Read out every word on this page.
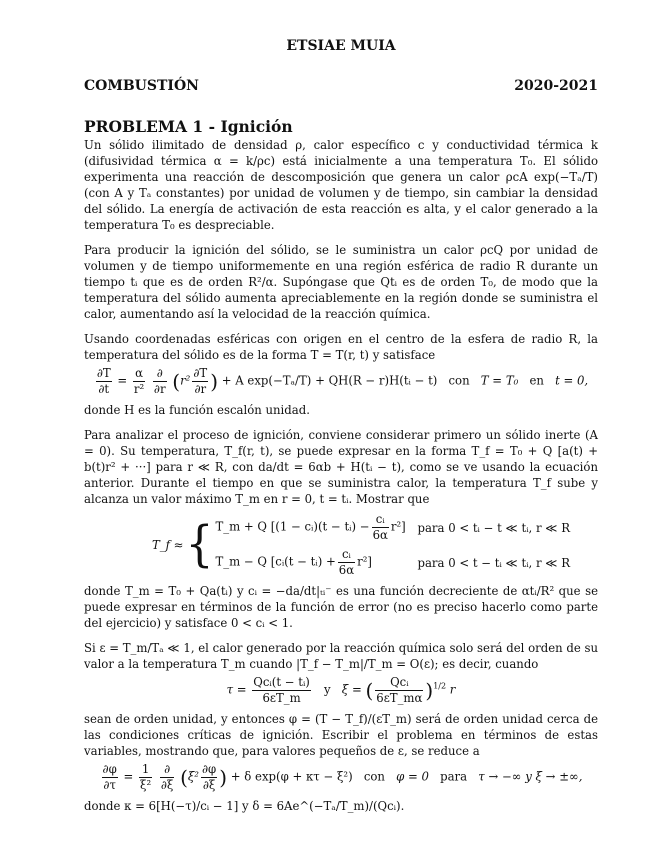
ETSIAE MUIA
COMBUSTIÓN	2020-2021
PROBLEMA 1 - Ignición

Un sólido ilimitado de densidad ρ, calor específico c y conductividad térmica k (difusividad térmica α = k/ρc) está inicialmente a una temperatura T₀. El sólido experimenta una reacción de descomposición que genera un calor ρcA exp(−Tₐ/T) (con A y Tₐ constantes) por unidad de volumen y de tiempo, sin cambiar la densidad del sólido. La energía de activación de esta reacción es alta, y el calor generado a la temperatura T₀ es despreciable.

Para producir la ignición del sólido, se le suministra un calor ρcQ por unidad de volumen y de tiempo uniformemente en una región esférica de radio R durante un tiempo tᵢ que es de orden R²/α. Supóngase que Qtᵢ es de orden T₀, de modo que la temperatura del sólido aumenta apreciablemente en la región donde se suministra el calor, aumentando así la velocidad de la reacción química.

Usando coordenadas esféricas con origen en el centro de la esfera de radio R, la temperatura del sólido es de la forma T = T(r, t) y satisface

$\frac{\partial T}{\partial t} = \frac{\alpha}{\text{r²}}$
$\frac{\partial}{\partial r} (r^2 \frac{\partial T}{\partial r}$ ) + A exp(−Tₐ/T) + QH(R − r)H(tᵢ − t) con T = T₀ en t = 0,

donde H es la función escalón unidad.

Para analizar el proceso de ignición, conviene considerar primero un sólido inerte (A = 0). Su temperatura, T_f(r, t), se puede expresar en la forma T_f = T₀ + Q [a(t) + b(t)r² + ···] para r ≪ R, con da/dt = 6αb + H(tᵢ − t), como se ve usando la ecuación anterior. Durante el tiempo en que se suministra calor, la temperatura T_f sube y alcanza un valor máximo T_m en r = 0, t = tᵢ. Mostrar que

T_f ≈ { T_m + Q [(1 − cᵢ)(t − tᵢ) − $\frac{\text{cᵢ}}{6\alpha} r^2$] para 0 < tᵢ − t ≪ tᵢ, r ≪ R
T_m − Q [cᵢ(t − tᵢ) + $\frac{\text{cᵢ}}{6\alpha} r^2$]	para 0 < t − tᵢ ≪ tᵢ, r ≪ R

donde T_m = T₀ + Qa(tᵢ) y cᵢ = −da/dt|ₜᵢ⁻ es una función decreciente de αtᵢ/R² que se puede expresar en términos de la función de error (no es preciso hacerlo como parte del ejercicio) y satisface 0 < cᵢ < 1.

Si ε = T_m/Tₐ ≪ 1, el calor generado por la reacción química solo será del orden de su valor a la temperatura T_m cuando |T_f − T_m|/T_m = O(ε); es decir, cuando

$\tau = \frac{\text{Qcᵢ(t − tᵢ)}}{6\varepsilon T\_m}$ y ξ = ( $\frac{\text{Qcᵢ}}{6\varepsilon T\_m\alpha} )^{1/2}$ r

sean de orden unidad, y entonces φ = (T − T_f)/(εT_m) será de orden unidad cerca de las condiciones críticas de ignición. Escribir el problema en términos de estas variables, mostrando que, para valores pequeños de ε, se reduce a

$\frac{\partial\varphi}{\partial\tau} = \frac{1}{\text{ξ²}}$
$\frac{\partial}{\partial\xi} (\xi^2 \frac{\partial\varphi}{\partial\xi}$ ) + δ exp(φ + κτ − ξ²) con φ = 0 para τ → −∞ y ξ → ±∞,

donde κ = 6[H(−τ)/cᵢ − 1] y δ = 6Ae^(−Tₐ/T_m)/(Qcᵢ).
